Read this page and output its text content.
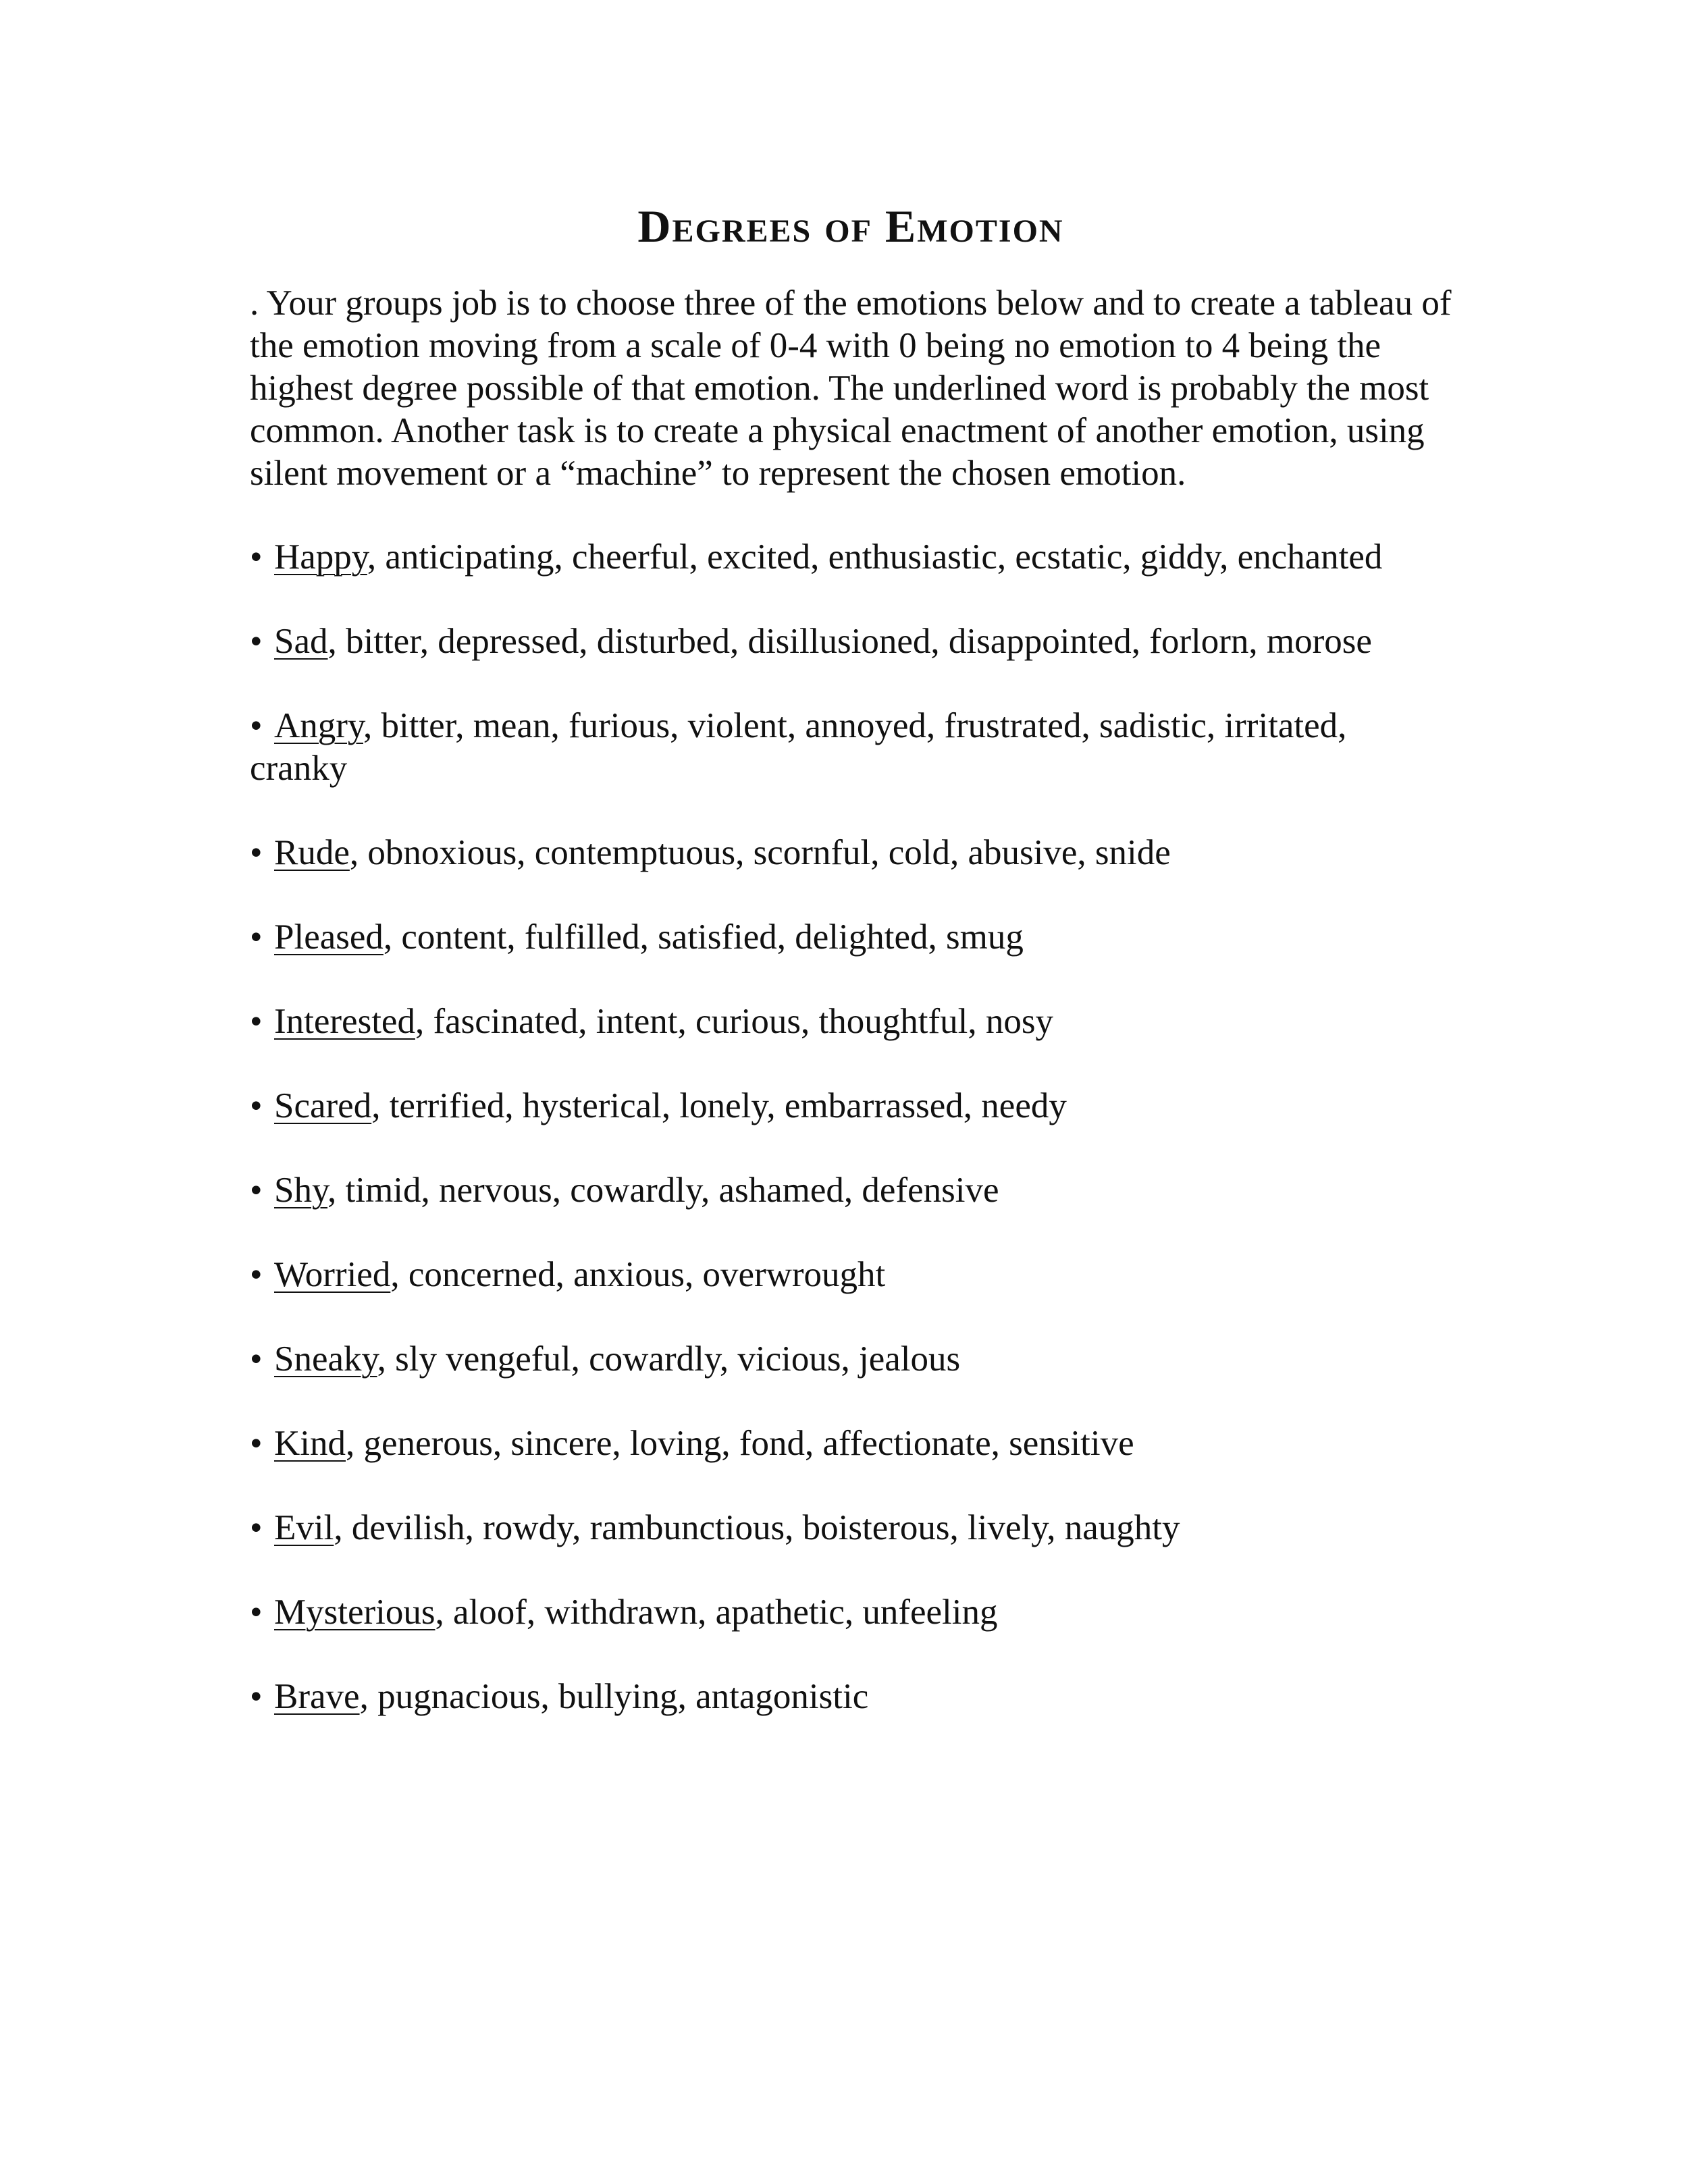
Degrees of Emotion

. Your groups job is to choose three of the emotions below and to create a tableau of the emotion moving from a scale of 0-4 with 0 being no emotion to 4 being the highest degree possible of that emotion. The underlined word is probably the most common. Another task is to create a physical enactment of another emotion, using silent movement or a “machine” to represent the chosen emotion.

• Happy, anticipating, cheerful, excited, enthusiastic, ecstatic, giddy, enchanted
• Sad, bitter, depressed, disturbed, disillusioned, disappointed, forlorn, morose
• Angry, bitter, mean, furious, violent, annoyed, frustrated, sadistic, irritated, cranky
• Rude, obnoxious, contemptuous, scornful, cold, abusive, snide
• Pleased, content, fulfilled, satisfied, delighted, smug
• Interested, fascinated, intent, curious, thoughtful, nosy
• Scared, terrified, hysterical, lonely, embarrassed, needy
• Shy, timid, nervous, cowardly, ashamed, defensive
• Worried, concerned, anxious, overwrought
• Sneaky, sly vengeful, cowardly, vicious, jealous
• Kind, generous, sincere, loving, fond, affectionate, sensitive
• Evil, devilish, rowdy, rambunctious, boisterous, lively, naughty
• Mysterious, aloof, withdrawn, apathetic, unfeeling
• Brave, pugnacious, bullying, antagonistic
